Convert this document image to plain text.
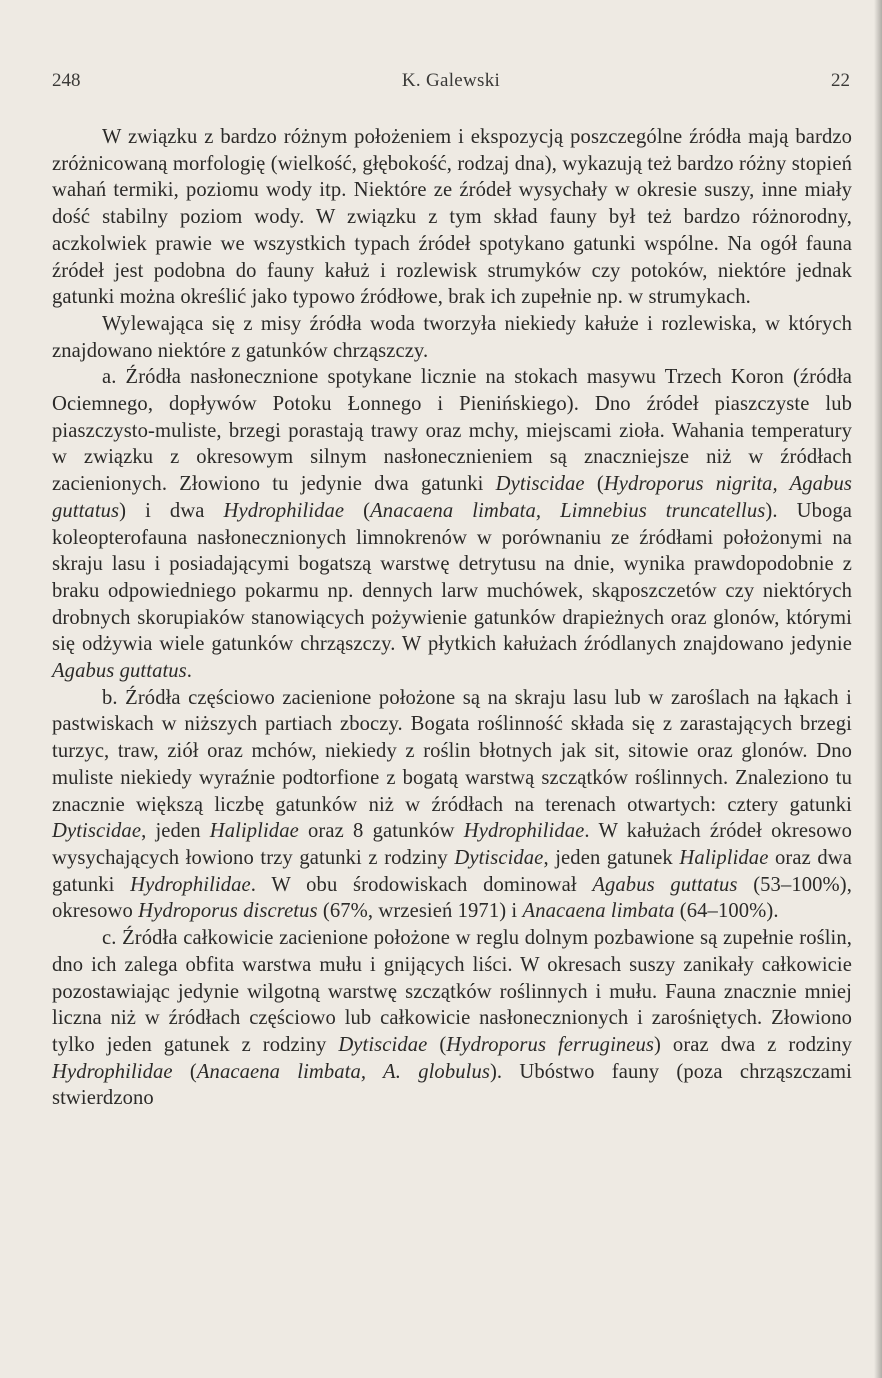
248	K. Galewski	22

W związku z bardzo różnym położeniem i ekspozycją poszczególne źródła mają bardzo zróżnicowaną morfologię (wielkość, głębokość, rodzaj dna), wykazują też bardzo różny stopień wahań termiki, poziomu wody itp. Niektóre ze źródeł wysychały w okresie suszy, inne miały dość stabilny poziom wody. W związku z tym skład fauny był też bardzo różnorodny, aczkolwiek prawie we wszystkich typach źródeł spotykano gatunki wspólne. Na ogół fauna źródeł jest podobna do fauny kałuż i rozlewisk strumyków czy potoków, niektóre jednak gatunki można określić jako typowo źródłowe, brak ich zupełnie np. w strumykach.

Wylewająca się z misy źródła woda tworzyła niekiedy kałuże i rozlewiska, w których znajdowano niektóre z gatunków chrząszczy.

a. Źródła nasłonecznione spotykane licznie na stokach masywu Trzech Koron (źródła Ociemnego, dopływów Potoku Łonnego i Pienińskiego). Dno źródeł piaszczyste lub piaszczysto-muliste, brzegi porastają trawy oraz mchy, miejscami zioła. Wahania temperatury w związku z okresowym silnym nasłonecznieniem są znaczniejsze niż w źródłach zacienionych. Złowiono tu jedynie dwa gatunki Dytiscidae (Hydroporus nigrita, Agabus guttatus) i dwa Hydrophilidae (Anacaena limbata, Limnebius truncatellus). Uboga koleopterofauna nasłonecznionych limnokrenów w porównaniu ze źródłami położonymi na skraju lasu i posiadającymi bogatszą warstwę detrytusu na dnie, wynika prawdopodobnie z braku odpowiedniego pokarmu np. dennych larw muchówek, skąposzczetów czy niektórych drobnych skorupiaków stanowiących pożywienie gatunków drapieżnych oraz glonów, którymi się odżywia wiele gatunków chrząszczy. W płytkich kałużach źródlanych znajdowano jedynie Agabus guttatus.

b. Źródła częściowo zacienione położone są na skraju lasu lub w zaroślach na łąkach i pastwiskach w niższych partiach zboczy. Bogata roślinność składa się z zarastających brzegi turzyc, traw, ziół oraz mchów, niekiedy z roślin błotnych jak sit, sitowie oraz glonów. Dno muliste niekiedy wyraźnie podtorfione z bogatą warstwą szczątków roślinnych. Znaleziono tu znacznie większą liczbę gatunków niż w źródłach na terenach otwartych: cztery gatunki Dytiscidae, jeden Haliplidae oraz 8 gatunków Hydrophilidae. W kałużach źródeł okresowo wysychających łowiono trzy gatunki z rodziny Dytiscidae, jeden gatunek Haliplidae oraz dwa gatunki Hydrophilidae. W obu środowiskach dominował Agabus guttatus (53–100%), okresowo Hydroporus discretus (67%, wrzesień 1971) i Anacaena limbata (64–100%).

c. Źródła całkowicie zacienione położone w reglu dolnym pozbawione są zupełnie roślin, dno ich zalega obfita warstwa mułu i gnijących liści. W okresach suszy zanikały całkowicie pozostawiając jedynie wilgotną warstwę szczątków roślinnych i mułu. Fauna znacznie mniej liczna niż w źródłach częściowo lub całkowicie nasłonecznionych i zarośniętych. Złowiono tylko jeden gatunek z rodziny Dytiscidae (Hydroporus ferrugineus) oraz dwa z rodziny Hydrophilidae (Anacaena limbata, A. globulus). Ubóstwo fauny (poza chrząszczami stwierdzono
